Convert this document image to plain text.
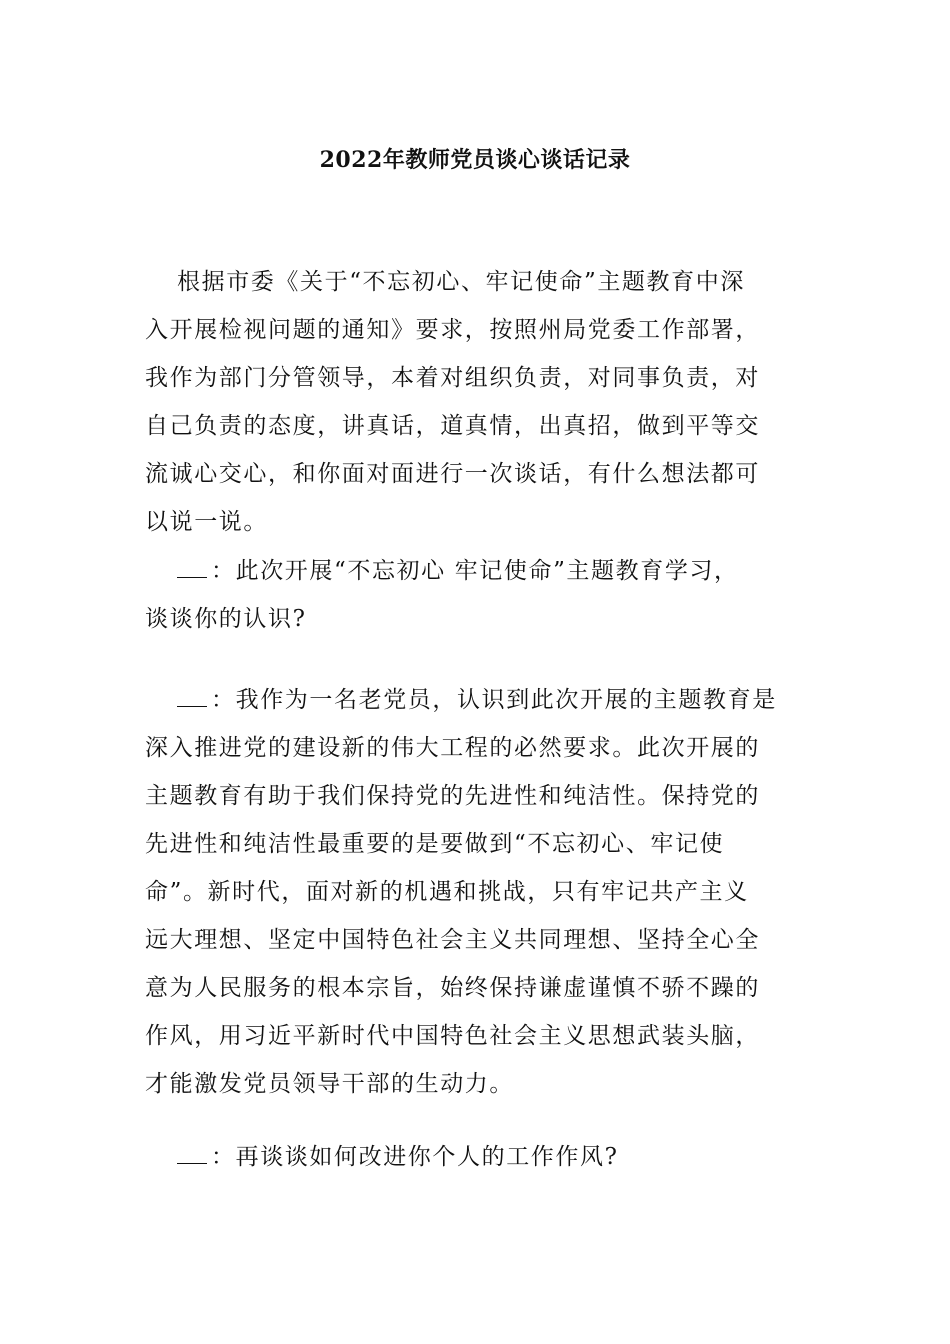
2022年教师党员谈心谈话记录

根据市委《关于“不忘初心、牢记使命”主题教育中深
入开展检视问题的通知》要求，按照州局党委工作部署，
我作为部门分管领导，本着对组织负责，对同事负责，对
自己负责的态度，讲真话，道真情，出真招，做到平等交
流诚心交心，和你面对面进行一次谈话，有什么想法都可
以说一说。

：此次开展“不忘初心 牢记使命”主题教育学习，
谈谈你的认识?

：我作为一名老党员，认识到此次开展的主题教育是
深入推进党的建设新的伟大工程的必然要求。此次开展的
主题教育有助于我们保持党的先进性和纯洁性。保持党的
先进性和纯洁性最重要的是要做到“不忘初心、牢记使
命”。新时代，面对新的机遇和挑战，只有牢记共产主义
远大理想、坚定中国特色社会主义共同理想、坚持全心全
意为人民服务的根本宗旨，始终保持谦虚谨慎不骄不躁的
作风，用习近平新时代中国特色社会主义思想武装头脑，
才能激发党员领导干部的生动力。

：再谈谈如何改进你个人的工作作风?
